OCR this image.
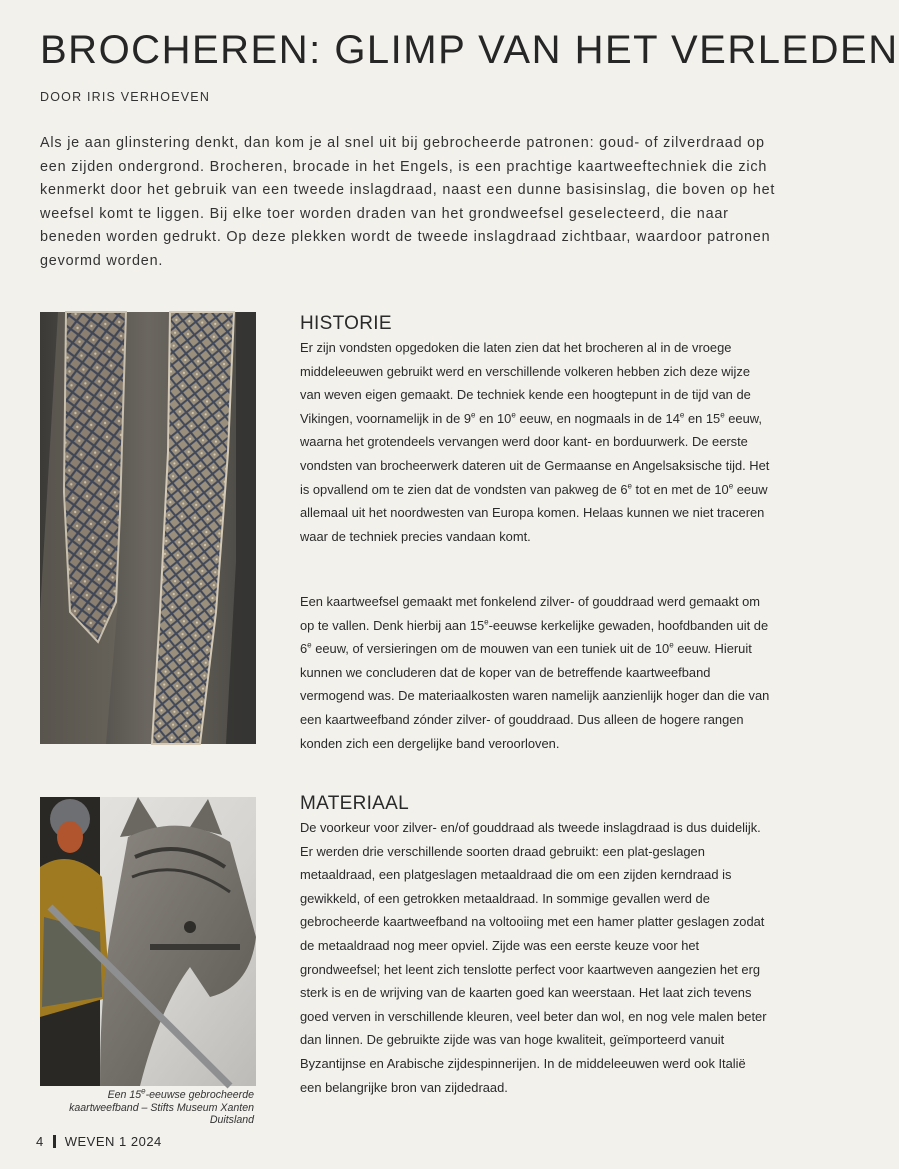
BROCHEREN: GLIMP VAN HET VERLEDEN
DOOR IRIS VERHOEVEN

Als je aan glinstering denkt, dan kom je al snel uit bij gebrocheerde patronen: goud- of zilverdraad op een zijden ondergrond. Brocheren, brocade in het Engels, is een prachtige kaartweeftechniek die zich kenmerkt door het gebruik van een tweede inslagdraad, naast een dunne basisinslag, die boven op het weefsel komt te liggen. Bij elke toer worden draden van het grondweefsel geselecteerd, die naar beneden worden gedrukt. Op deze plekken wordt de tweede inslagdraad zichtbaar, waardoor patronen gevormd worden.

HISTORIE

Er zijn vondsten opgedoken die laten zien dat het brocheren al in de vroege middeleeuwen gebruikt werd en verschillende volkeren hebben zich deze wijze van weven eigen gemaakt. De techniek kende een hoogtepunt in de tijd van de Vikingen, voornamelijk in de 9e en 10e eeuw, en nogmaals in de 14e en 15e eeuw, waarna het grotendeels vervangen werd door kant- en borduurwerk. De eerste vondsten van brocheerwerk dateren uit de Germaanse en Angelsaksische tijd. Het is opvallend om te zien dat de vondsten van pakweg de 6e tot en met de 10e eeuw allemaal uit het noordwesten van Europa komen. Helaas kunnen we niet traceren waar de techniek precies vandaan komt.

Een kaartweefsel gemaakt met fonkelend zilver- of gouddraad werd gemaakt om op te vallen. Denk hierbij aan 15e-eeuwse kerkelijke gewaden, hoofdbanden uit de 6e eeuw, of versieringen om de mouwen van een tuniek uit de 10e eeuw. Hieruit kunnen we concluderen dat de koper van de betreffende kaartweefband vermogend was. De materiaalkosten waren namelijk aanzienlijk hoger dan die van een kaartweefband zónder zilver- of gouddraad. Dus alleen de hogere rangen konden zich een dergelijke band veroorloven.

Een 15e-eeuwse gebrocheerde kaartweefband – Stifts Museum Xanten Duitsland
MATERIAAL

De voorkeur voor zilver- en/of gouddraad als tweede inslagdraad is dus duidelijk. Er werden drie verschillende soorten draad gebruikt: een plat-geslagen metaaldraad, een platgeslagen metaaldraad die om een zijden kerndraad is gewikkeld, of een getrokken metaaldraad. In sommige gevallen werd de gebrocheerde kaartweefband na voltooiing met een hamer platter geslagen zodat de metaaldraad nog meer opviel. Zijde was een eerste keuze voor het grondweefsel; het leent zich tenslotte perfect voor kaartweven aangezien het erg sterk is en de wrijving van de kaarten goed kan weerstaan. Het laat zich tevens goed verven in verschillende kleuren, veel beter dan wol, en nog vele malen beter dan linnen. De gebruikte zijde was van hoge kwaliteit, geïmporteerd vanuit Byzantijnse en Arabische zijdespinnerijen. In de middeleeuwen werd ook Italië een belangrijke bron van zijdedraad.

4 WEVEN 1 2024
